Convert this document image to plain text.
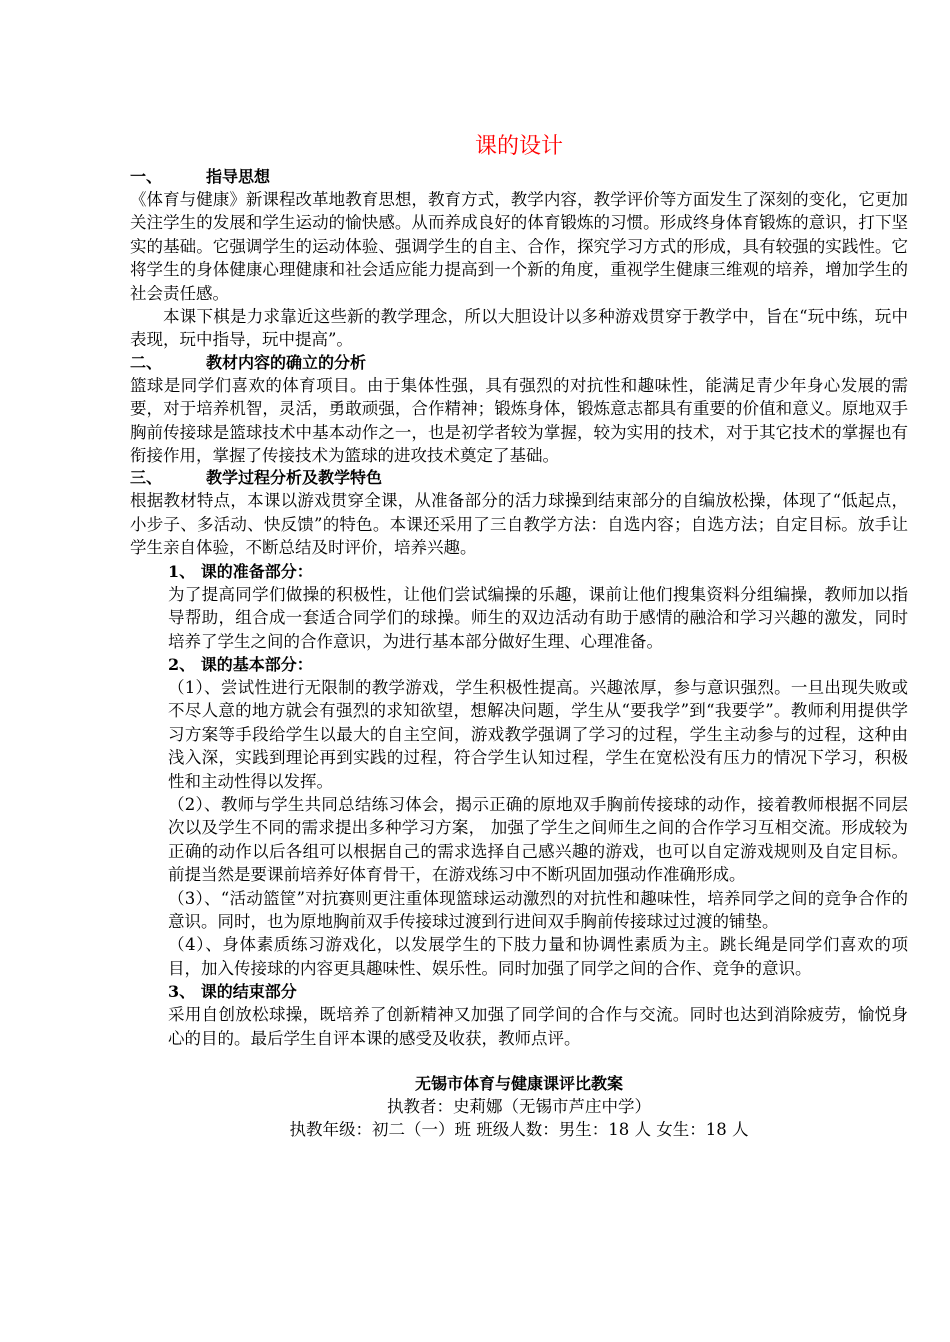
课的设计
一、	指导思想

《体育与健康》新课程改革地教育思想，教育方式，教学内容，教学评价等方面发生了深刻的变化，它更加关注学生的发展和学生运动的愉快感。从而养成良好的体育锻炼的习惯。形成终身体育锻炼的意识，打下坚实的基础。它强调学生的运动体验、强调学生的自主、合作，探究学习方式的形成，具有较强的实践性。它将学生的身体健康心理健康和社会适应能力提高到一个新的角度，重视学生健康三维观的培养，增加学生的社会责任感。

本课下棋是力求靠近这些新的教学理念，所以大胆设计以多种游戏贯穿于教学中，旨在“玩中练，玩中表现，玩中指导，玩中提高”。

二、	教材内容的确立的分析

篮球是同学们喜欢的体育项目。由于集体性强，具有强烈的对抗性和趣味性，能满足青少年身心发展的需要，对于培养机智，灵活，勇敢顽强，合作精神；锻炼身体，锻炼意志都具有重要的价值和意义。原地双手胸前传接球是篮球技术中基本动作之一，也是初学者较为掌握，较为实用的技术，对于其它技术的掌握也有衔接作用，掌握了传接技术为篮球的进攻技术奠定了基础。

三、	教学过程分析及教学特色

根据教材特点，本课以游戏贯穿全课，从准备部分的活力球操到结束部分的自编放松操，体现了“低起点，小步子、多活动、快反馈”的特色。本课还采用了三自教学方法：自选内容；自选方法；自定目标。放手让学生亲自体验，不断总结及时评价，培养兴趣。

1、 课的准备部分：

为了提高同学们做操的积极性，让他们尝试编操的乐趣，课前让他们搜集资料分组编操，教师加以指导帮助，组合成一套适合同学们的球操。师生的双边活动有助于感情的融洽和学习兴趣的激发，同时培养了学生之间的合作意识，为进行基本部分做好生理、心理准备。

2、 课的基本部分：

（1）、尝试性进行无限制的教学游戏，学生积极性提高。兴趣浓厚，参与意识强烈。一旦出现失败或不尽人意的地方就会有强烈的求知欲望，想解决问题，学生从“要我学”到“我要学”。教师利用提供学习方案等手段给学生以最大的自主空间，游戏教学强调了学习的过程，学生主动参与的过程，这种由浅入深，实践到理论再到实践的过程，符合学生认知过程，学生在宽松没有压力的情况下学习，积极性和主动性得以发挥。

（2）、教师与学生共同总结练习体会，揭示正确的原地双手胸前传接球的动作，接着教师根据不同层次以及学生不同的需求提出多种学习方案， 加强了学生之间师生之间的合作学习互相交流。形成较为正确的动作以后各组可以根据自己的需求选择自己感兴趣的游戏，也可以自定游戏规则及自定目标。前提当然是要课前培养好体育骨干，在游戏练习中不断巩固加强动作准确形成。

（3）、“活动篮筐”对抗赛则更注重体现篮球运动激烈的对抗性和趣味性，培养同学之间的竞争合作的意识。同时，也为原地胸前双手传接球过渡到行进间双手胸前传接球过过渡的铺垫。

（4）、身体素质练习游戏化，以发展学生的下肢力量和协调性素质为主。跳长绳是同学们喜欢的项目，加入传接球的内容更具趣味性、娱乐性。同时加强了同学之间的合作、竞争的意识。

3、 课的结束部分

采用自创放松球操，既培养了创新精神又加强了同学间的合作与交流。同时也达到消除疲劳，愉悦身心的目的。最后学生自评本课的感受及收获，教师点评。

无锡市体育与健康课评比教案
执教者：史莉娜（无锡市芦庄中学）
执教年级：初二（一）班 班级人数：男生：18 人 女生：18 人
